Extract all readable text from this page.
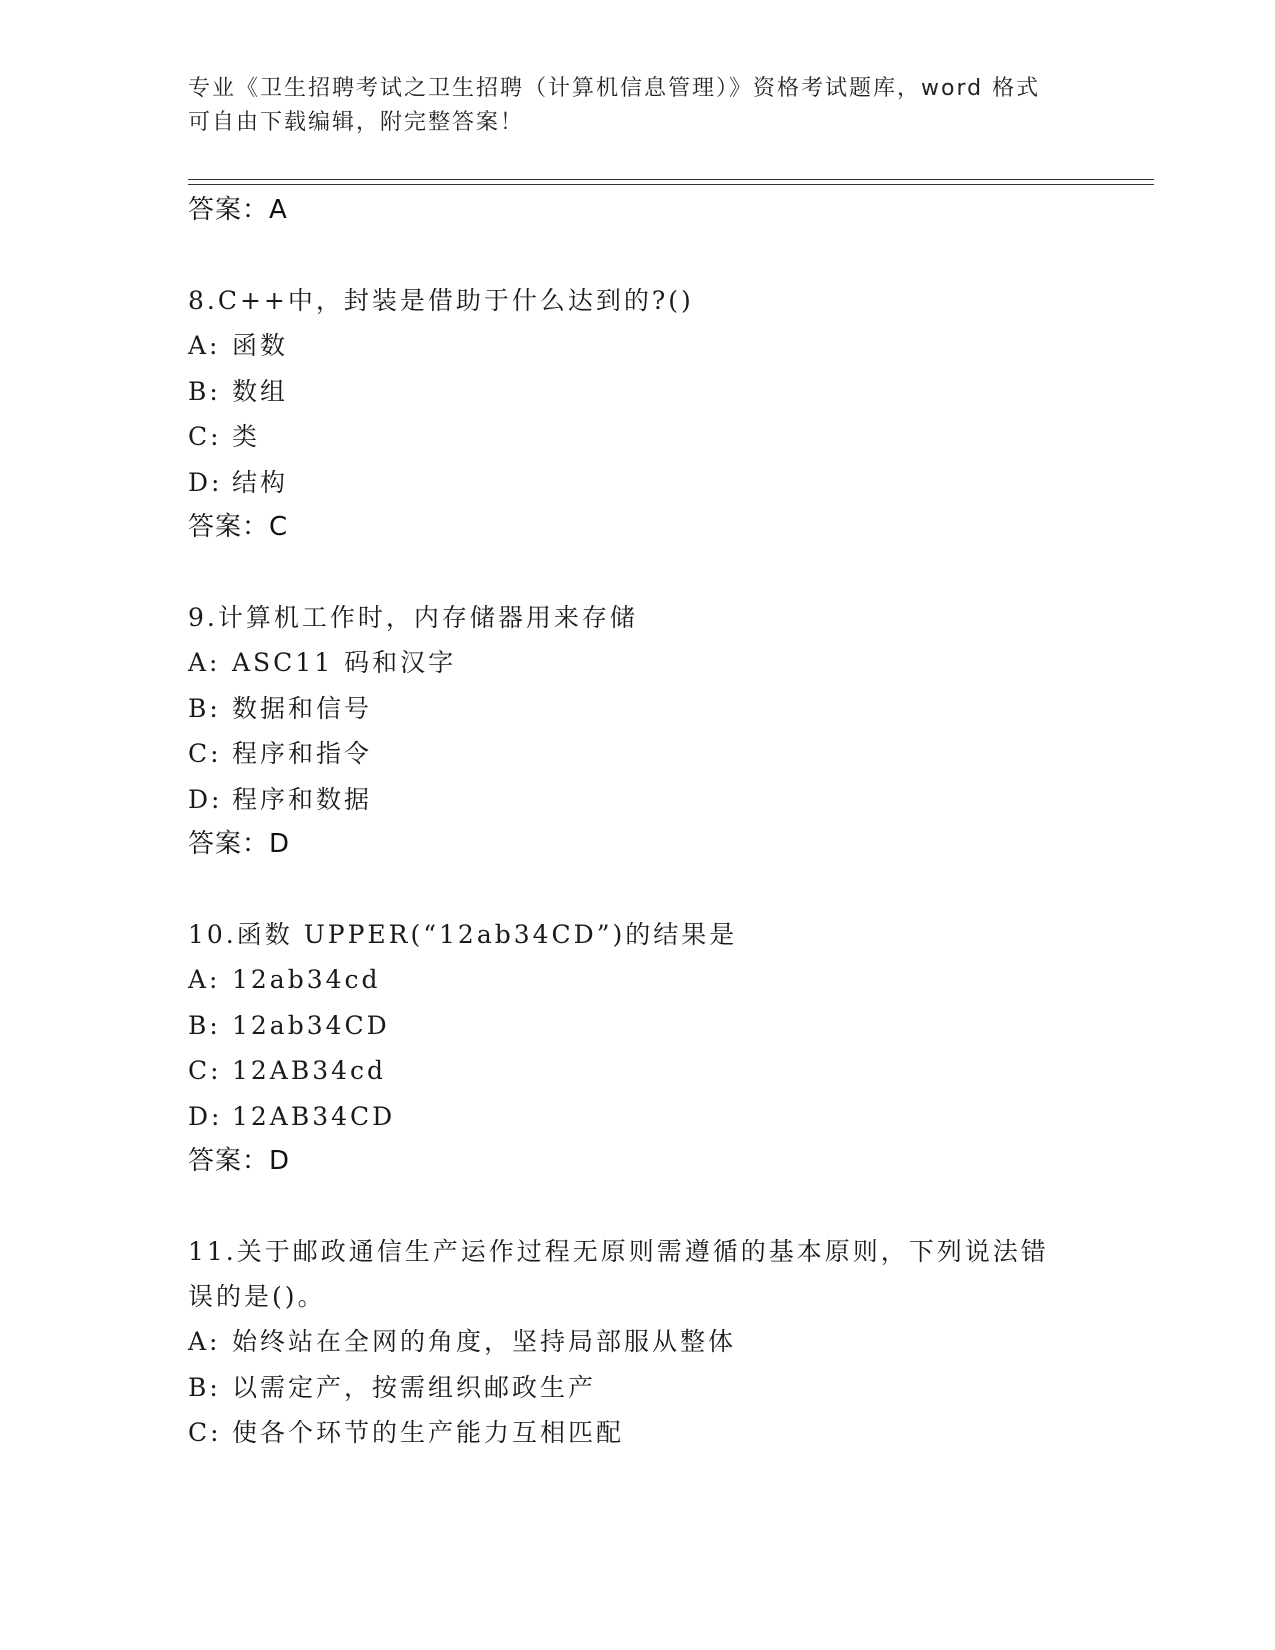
专业《卫生招聘考试之卫生招聘（计算机信息管理）》资格考试题库，word 格式
可自由下载编辑，附完整答案！

答案：A

8.C++中，封装是借助于什么达到的?()

A: 函数

B: 数组

C: 类

D: 结构

答案：C

9.计算机工作时，内存储器用来存储

A: ASC11 码和汉字

B: 数据和信号

C: 程序和指令

D: 程序和数据

答案：D

10.函数 UPPER(“12ab34CD”)的结果是

A: 12ab34cd

B: 12ab34CD

C: 12AB34cd

D: 12AB34CD

答案：D

11.关于邮政通信生产运作过程无原则需遵循的基本原则，下列说法错

误的是()。

A: 始终站在全网的角度，坚持局部服从整体

B: 以需定产，按需组织邮政生产

C: 使各个环节的生产能力互相匹配
